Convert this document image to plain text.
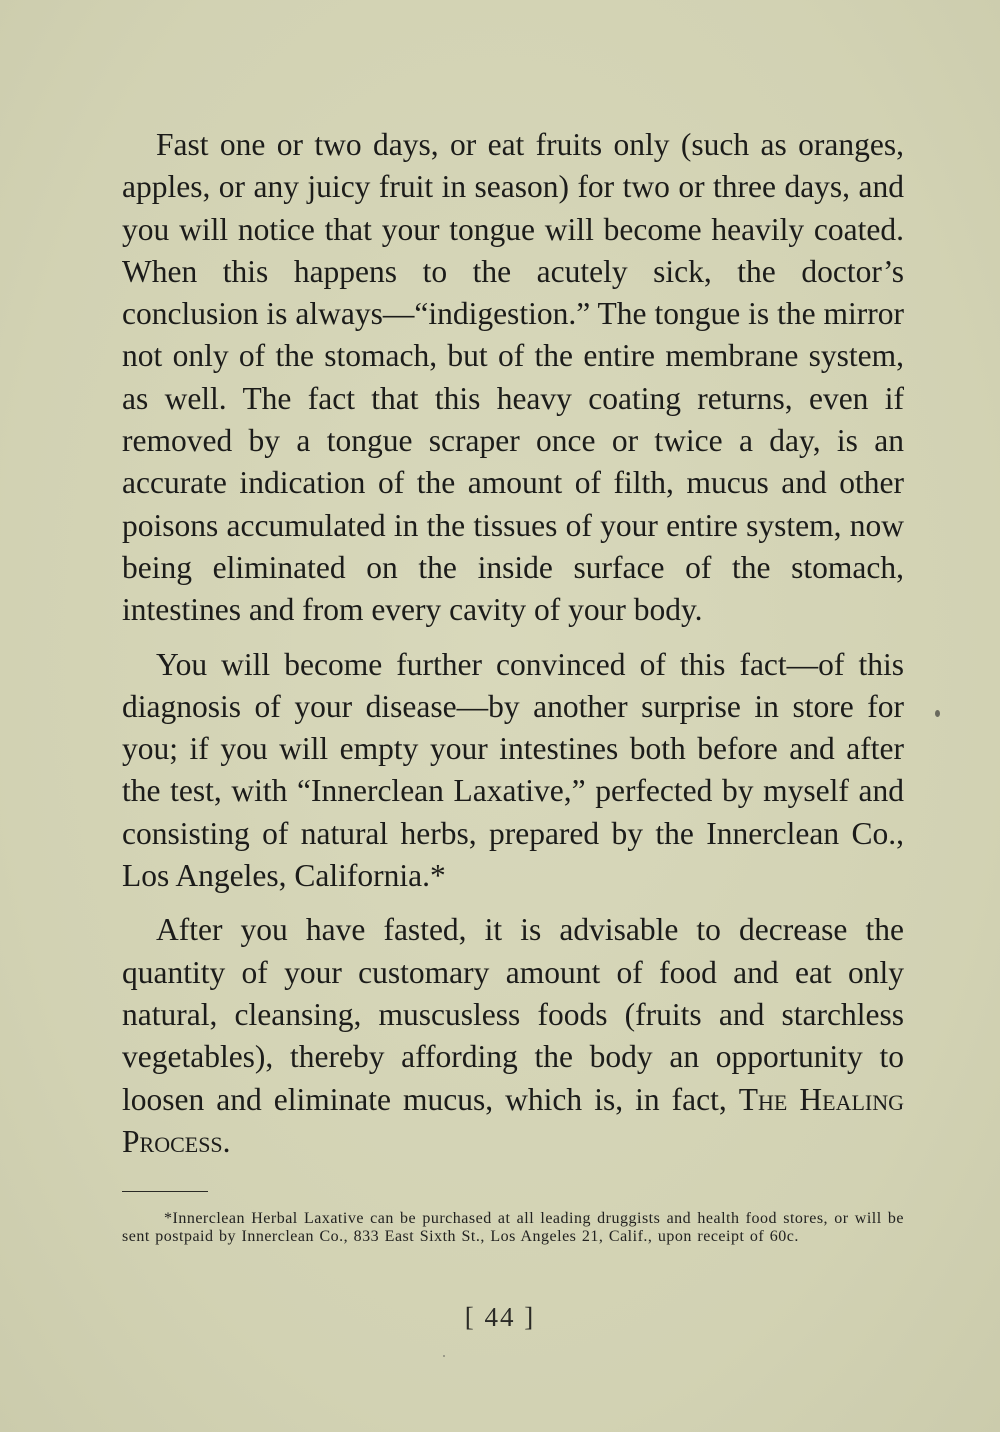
Fast one or two days, or eat fruits only (such as oranges, apples, or any juicy fruit in season) for two or three days, and you will notice that your tongue will become heavily coated. When this happens to the acutely sick, the doctor’s conclusion is always—“indigestion.” The tongue is the mirror not only of the stomach, but of the entire membrane system, as well. The fact that this heavy coating returns, even if removed by a tongue scraper once or twice a day, is an accurate indication of the amount of filth, mucus and other poisons accumulated in the tissues of your entire system, now being eliminated on the inside surface of the stomach, intestines and from every cavity of your body.

You will become further convinced of this fact—of this diagnosis of your disease—by another surprise in store for you; if you will empty your intestines both before and after the test, with “Innerclean Laxative,” perfected by myself and consisting of natural herbs, prepared by the Innerclean Co., Los Angeles, California.*

After you have fasted, it is advisable to decrease the quantity of your customary amount of food and eat only natural, cleansing, muscusless foods (fruits and starchless vegetables), thereby affording the body an opportunity to loosen and eliminate mucus, which is, in fact, The Healing Process.

*Innerclean Herbal Laxative can be purchased at all leading druggists and health food stores, or will be sent postpaid by Innerclean Co., 833 East Sixth St., Los Angeles 21, Calif., upon receipt of 60c.

[ 44 ]
